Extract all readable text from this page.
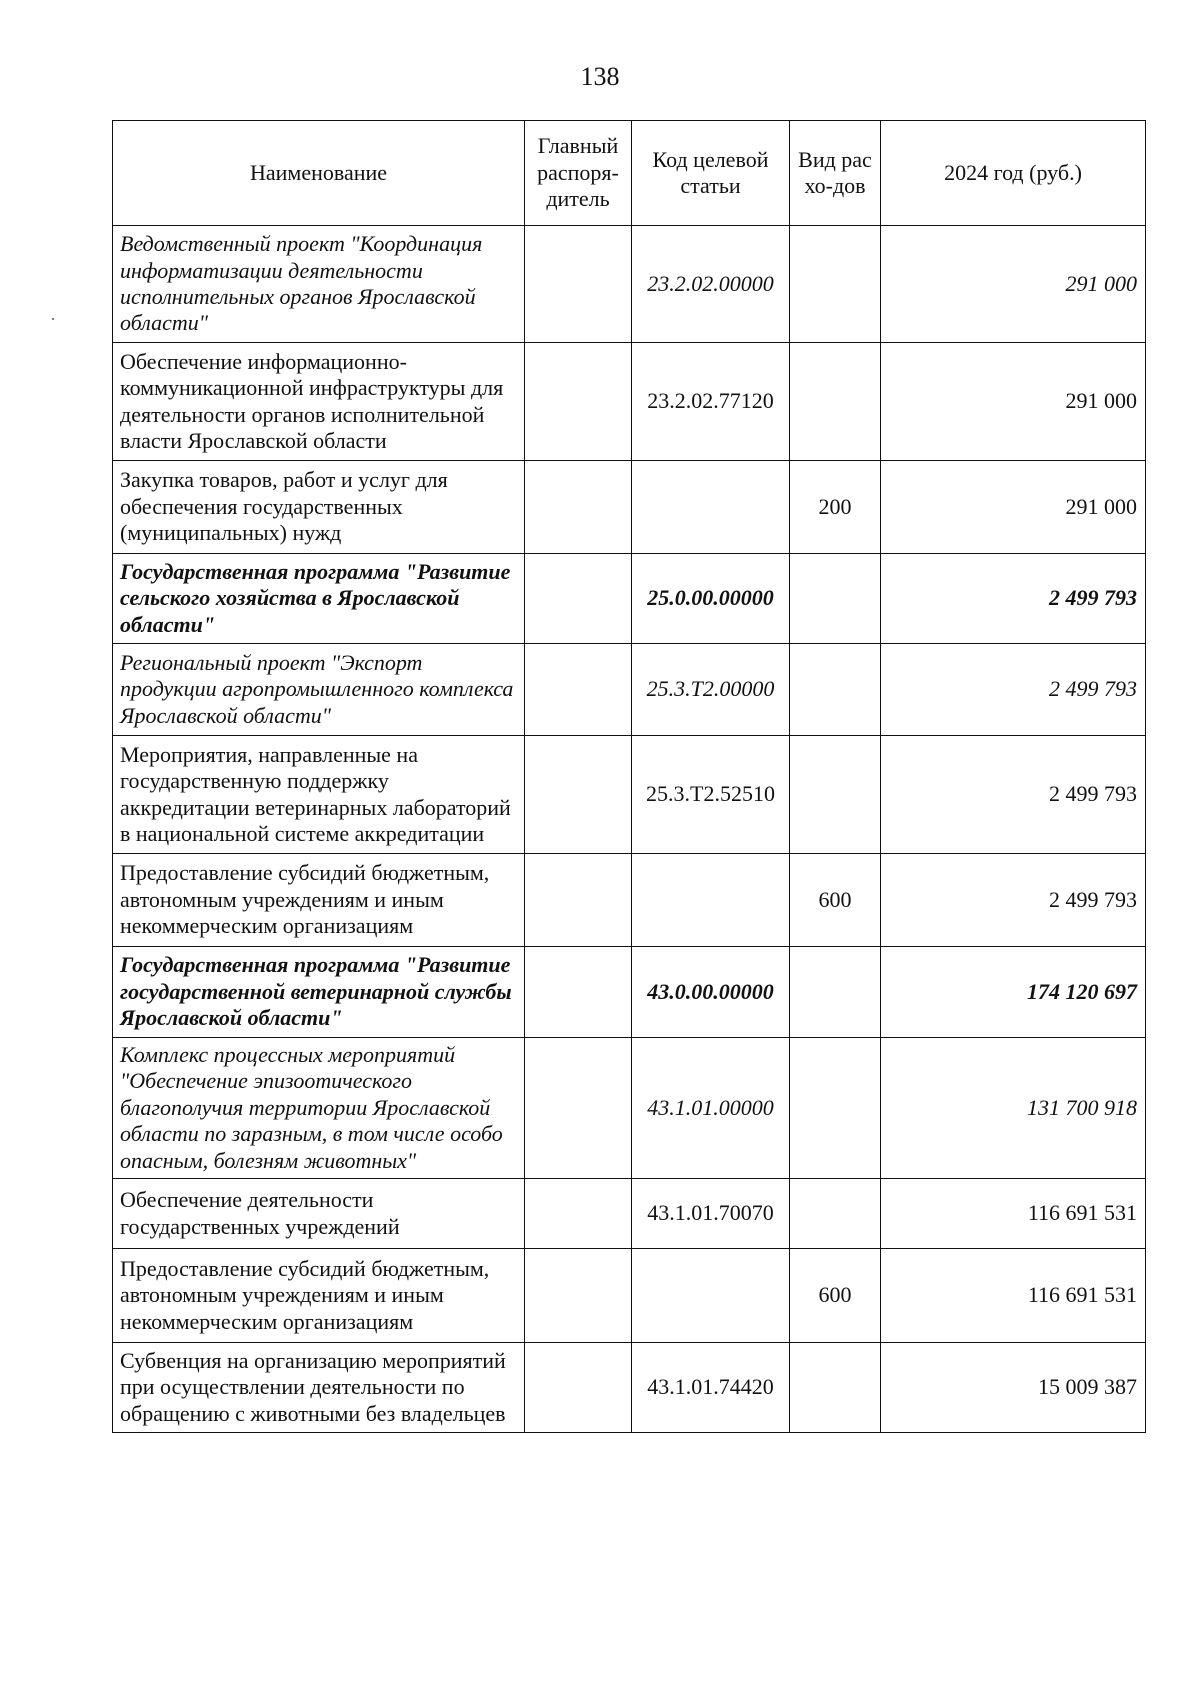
138
Наименование	Главный распоря-дитель	Код целевой статьи	Вид расхо-дов	2024 год (руб.)
Ведомственный проект "Координация информатизации деятельности исполнительных органов Ярославской области"		23.2.02.00000		291 000
Обеспечение информационно-коммуникационной инфраструктуры для деятельности органов исполнительной власти Ярославской области		23.2.02.77120		291 000
Закупка товаров, работ и услуг для обеспечения государственных (муниципальных) нужд			200	291 000
Государственная программа "Развитие сельского хозяйства в Ярославской области"		25.0.00.00000		2 499 793
Региональный проект "Экспорт продукции агропромышленного комплекса Ярославской области"		25.3.Т2.00000		2 499 793
Мероприятия, направленные на государственную поддержку аккредитации ветеринарных лабораторий в национальной системе аккредитации		25.3.Т2.52510		2 499 793
Предоставление субсидий бюджетным, автономным учреждениям и иным некоммерческим организациям			600	2 499 793
Государственная программа "Развитие государственной ветеринарной службы Ярославской области"		43.0.00.00000		174 120 697
Комплекс процессных мероприятий "Обеспечение эпизоотического благополучия территории Ярославской области по заразным, в том числе особо опасным, болезням животных"		43.1.01.00000		131 700 918
Обеспечение деятельности государственных учреждений		43.1.01.70070		116 691 531
Предоставление субсидий бюджетным, автономным учреждениям и иным некоммерческим организациям			600	116 691 531
Субвенция на организацию мероприятий при осуществлении деятельности по обращению с животными без владельцев		43.1.01.74420		15 009 387
